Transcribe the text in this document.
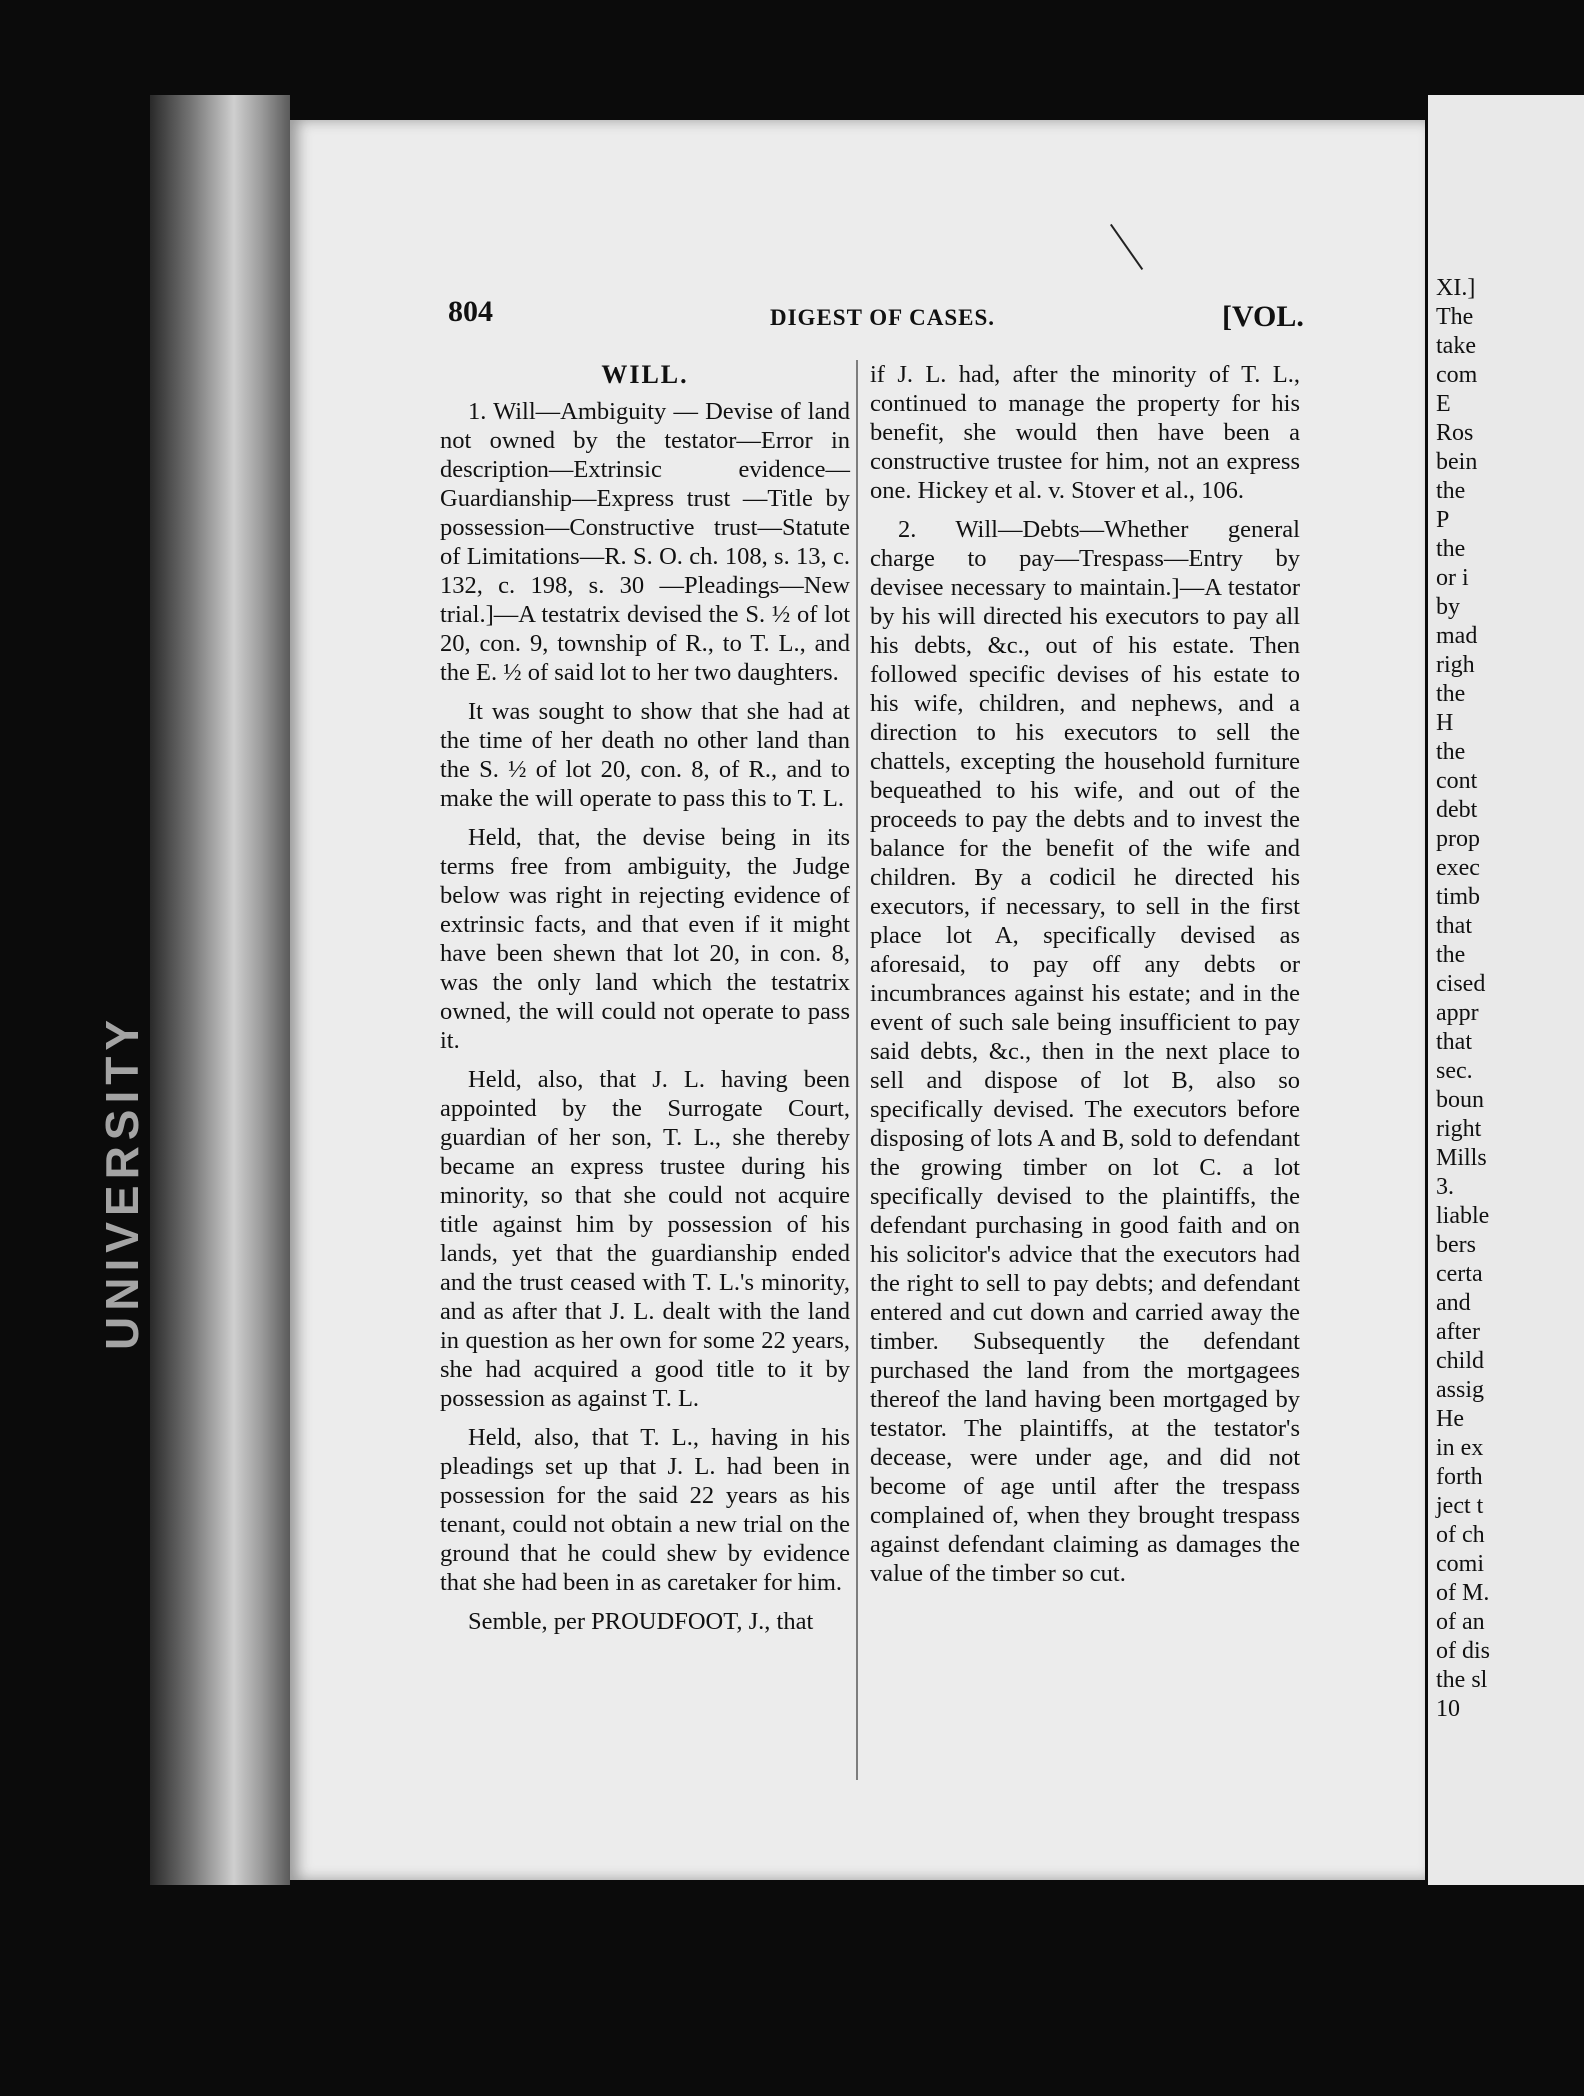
UNIVERSITY
XI.]
The
take
com
E
Ros
bein
the
P
the
or i
by
mad
righ
the
H
the
cont
debt
prop
exec
timb
that
the
cised
appr
that
sec.
boun
right
Mills
3.
liable
bers
certa
and
after
child
assig
He
in ex
forth
ject t
of ch
comi
of M.
of an
of dis
the sl
10
804	DIGEST OF CASES.	[VOL.
WILL.

1. Will—Ambiguity — Devise of land not owned by the testator—Error in description—Extrinsic evidence—Guardianship—Express trust —Title by possession—Constructive trust—Statute of Limitations—R. S. O. ch. 108, s. 13, c. 132, c. 198, s. 30 —Pleadings—New trial.]—A testatrix devised the S. ½ of lot 20, con. 9, township of R., to T. L., and the E. ½ of said lot to her two daughters.

It was sought to show that she had at the time of her death no other land than the S. ½ of lot 20, con. 8, of R., and to make the will operate to pass this to T. L.

Held, that, the devise being in its terms free from ambiguity, the Judge below was right in rejecting evidence of extrinsic facts, and that even if it might have been shewn that lot 20, in con. 8, was the only land which the testatrix owned, the will could not operate to pass it.

Held, also, that J. L. having been appointed by the Surrogate Court, guardian of her son, T. L., she thereby became an express trustee during his minority, so that she could not acquire title against him by possession of his lands, yet that the guardianship ended and the trust ceased with T. L.'s minority, and as after that J. L. dealt with the land in question as her own for some 22 years, she had acquired a good title to it by possession as against T. L.

Held, also, that T. L., having in his pleadings set up that J. L. had been in possession for the said 22 years as his tenant, could not obtain a new trial on the ground that he could shew by evidence that she had been in as caretaker for him.

Semble, per PROUDFOOT, J., that

if J. L. had, after the minority of T. L., continued to manage the property for his benefit, she would then have been a constructive trustee for him, not an express one. Hickey et al. v. Stover et al., 106.

2. Will—Debts—Whether general charge to pay—Trespass—Entry by devisee necessary to maintain.]—A testator by his will directed his executors to pay all his debts, &c., out of his estate. Then followed specific devises of his estate to his wife, children, and nephews, and a direction to his executors to sell the chattels, excepting the household furniture bequeathed to his wife, and out of the proceeds to pay the debts and to invest the balance for the benefit of the wife and children. By a codicil he directed his executors, if necessary, to sell in the first place lot A, specifically devised as aforesaid, to pay off any debts or incumbrances against his estate; and in the event of such sale being insufficient to pay said debts, &c., then in the next place to sell and dispose of lot B, also so specifically devised. The executors before disposing of lots A and B, sold to defendant the growing timber on lot C. a lot specifically devised to the plaintiffs, the defendant purchasing in good faith and on his solicitor's advice that the executors had the right to sell to pay debts; and defendant entered and cut down and carried away the timber. Subsequently the defendant purchased the land from the mortgagees thereof the land having been mortgaged by testator. The plaintiffs, at the testator's decease, were under age, and did not become of age until after the trespass complained of, when they brought trespass against defendant claiming as damages the value of the timber so cut.
